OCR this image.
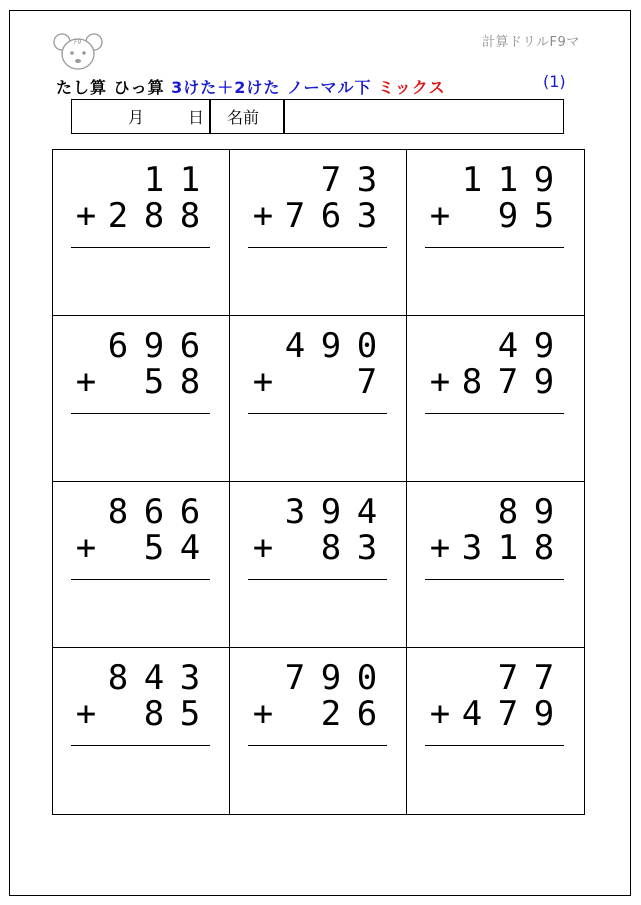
F9	計算ドリルF9マ
たし算 ひっ算 3けた＋2けた ノーマル下 ミックス	(1)
月	日 名前
1 1
+ 2 8 8
7 3
+ 7 6 3
1 1 9
+ 9 5
6 9 6
+ 5 8
4 9 0
+ 7
4 9
+ 8 7 9
8 6 6
+ 5 4
3 9 4
+ 8 3
8 9
+ 3 1 8
8 4 3
+ 8 5
7 9 0
+ 2 6
7 7
+ 4 7 9
